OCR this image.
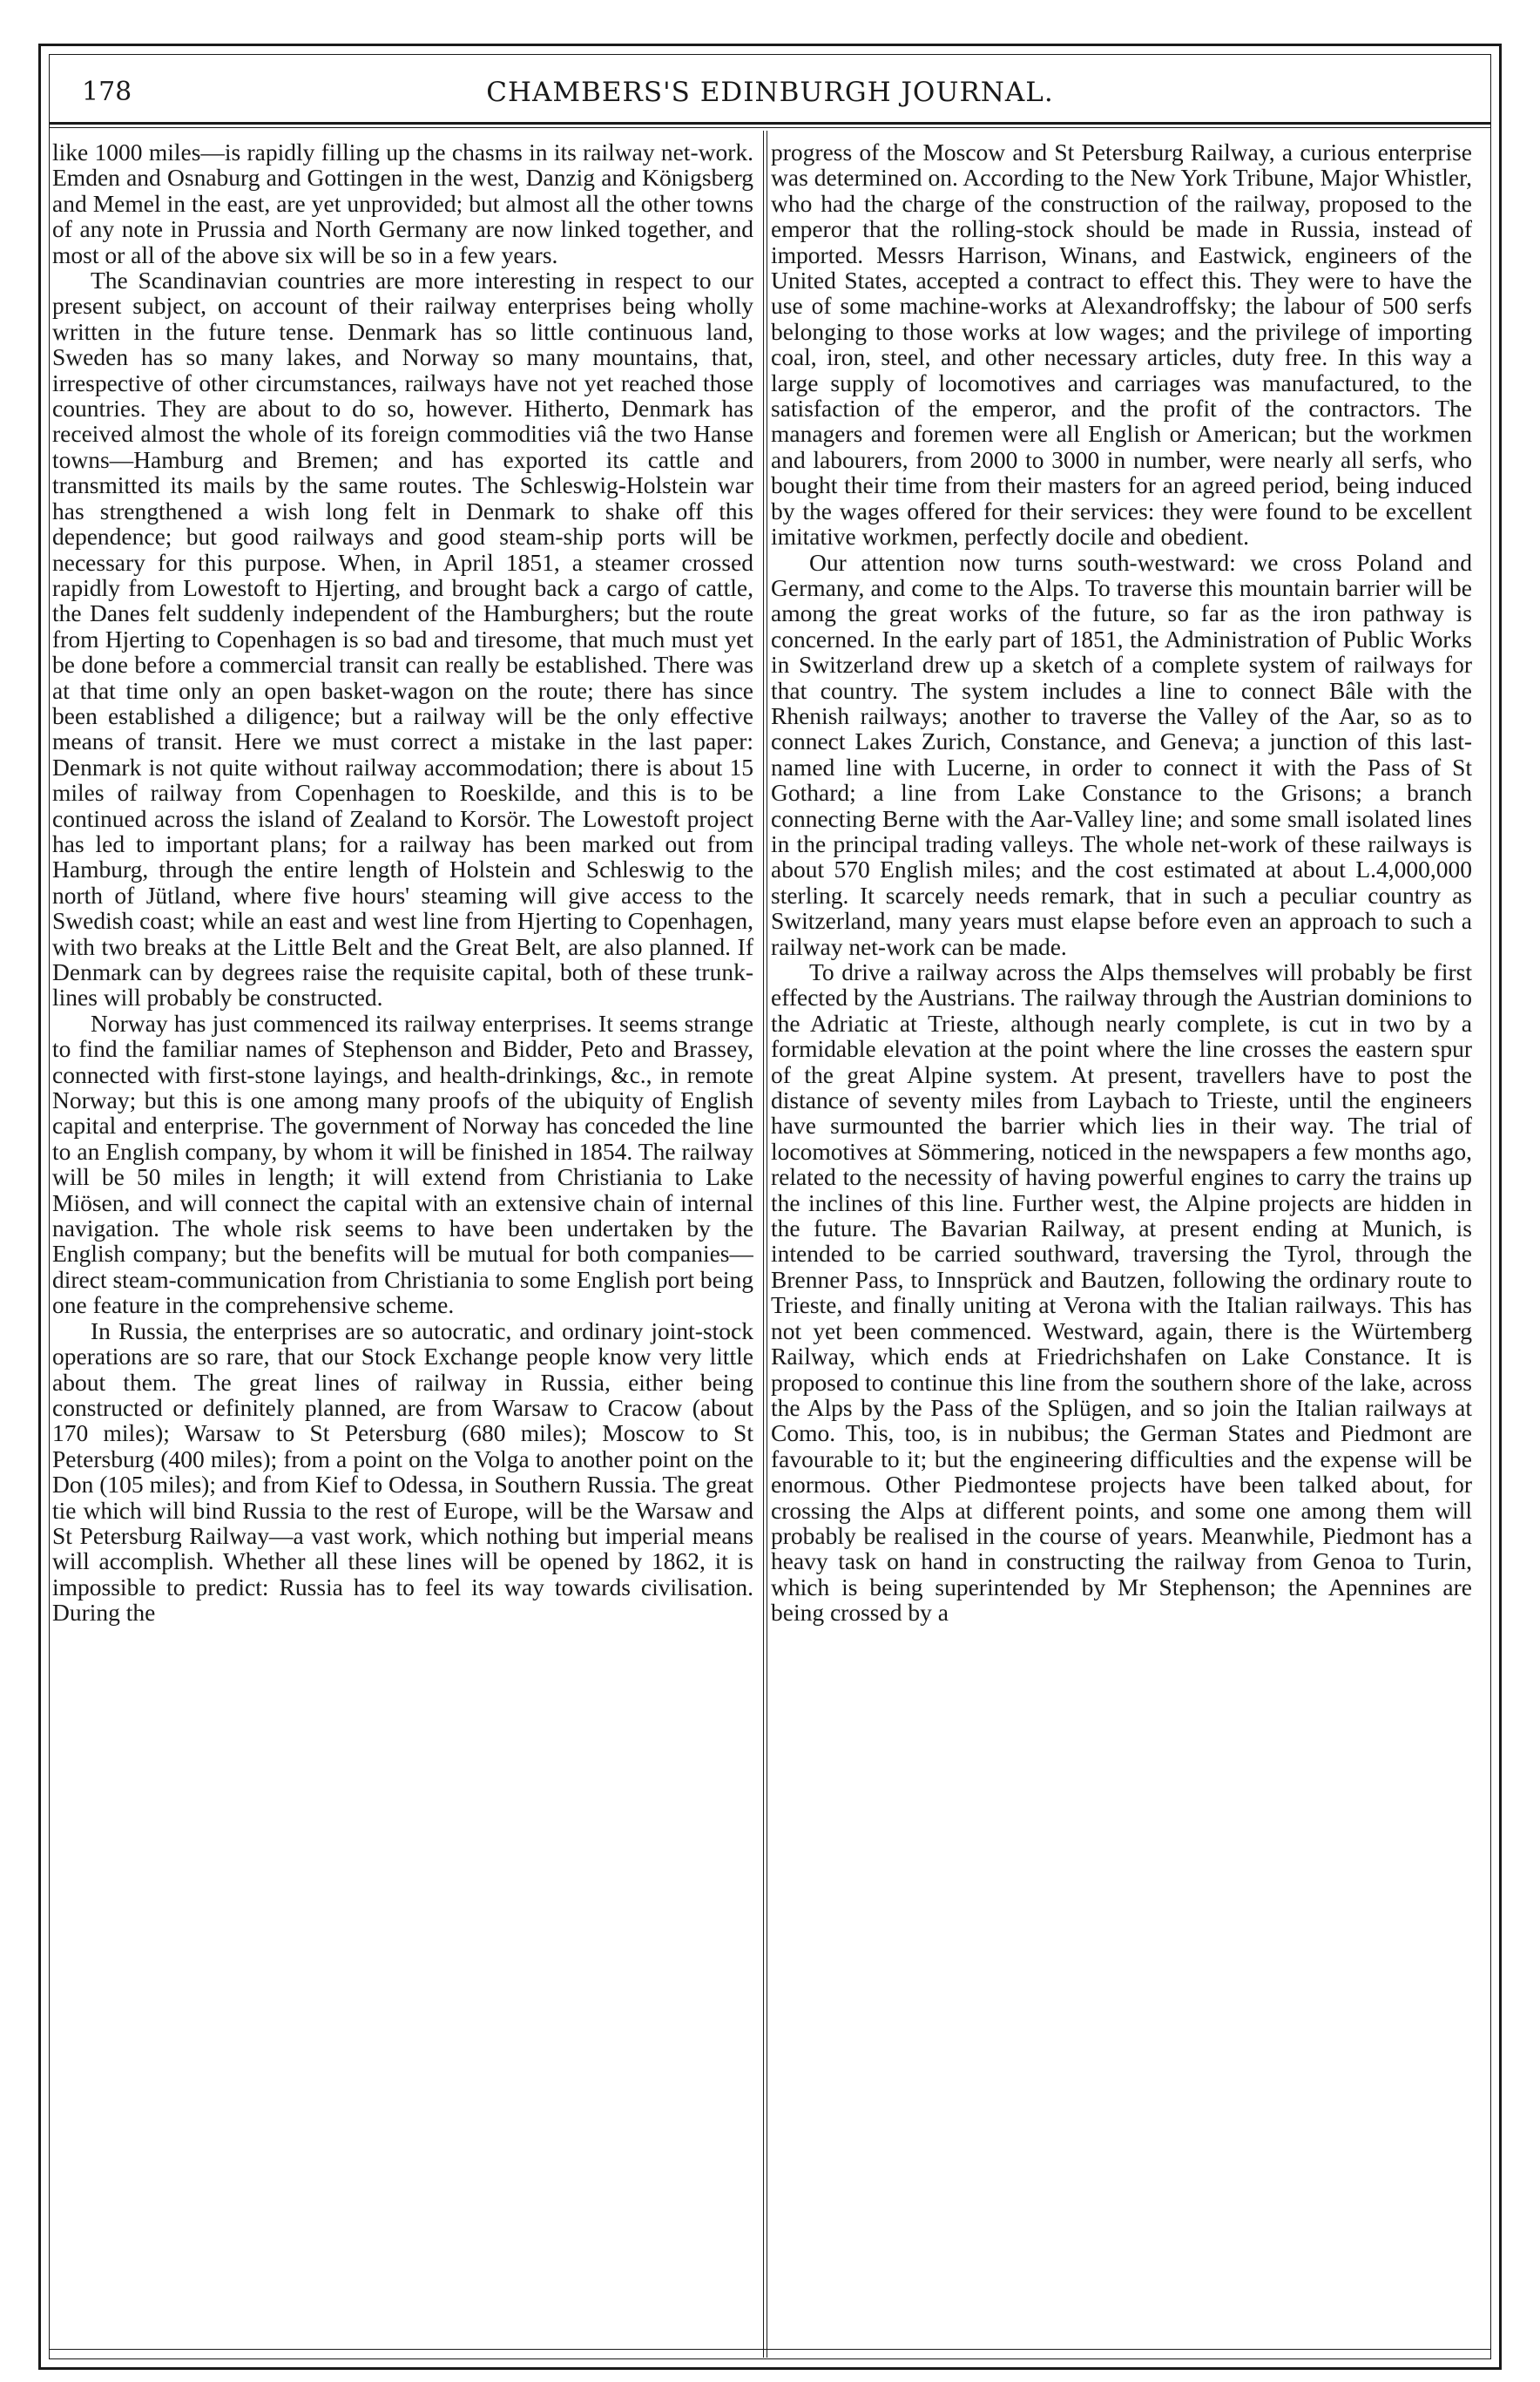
178	CHAMBERS'S EDINBURGH JOURNAL.

like 1000 miles—is rapidly filling up the chasms in its railway net-work. Emden and Osnaburg and Gottingen in the west, Danzig and Königsberg and Memel in the east, are yet unprovided; but almost all the other towns of any note in Prussia and North Germany are now linked together, and most or all of the above six will be so in a few years.

The Scandinavian countries are more interesting in respect to our present subject, on account of their railway enterprises being wholly written in the future tense. Denmark has so little continuous land, Sweden has so many lakes, and Norway so many mountains, that, irrespective of other circumstances, railways have not yet reached those countries. They are about to do so, however. Hitherto, Denmark has received almost the whole of its foreign commodities viâ the two Hanse towns—Hamburg and Bremen; and has exported its cattle and transmitted its mails by the same routes. The Schleswig-Holstein war has strengthened a wish long felt in Denmark to shake off this dependence; but good railways and good steam-ship ports will be necessary for this purpose. When, in April 1851, a steamer crossed rapidly from Lowestoft to Hjerting, and brought back a cargo of cattle, the Danes felt suddenly independent of the Hamburghers; but the route from Hjerting to Copenhagen is so bad and tiresome, that much must yet be done before a commercial transit can really be established. There was at that time only an open basket-wagon on the route; there has since been established a diligence; but a railway will be the only effective means of transit. Here we must correct a mistake in the last paper: Denmark is not quite without railway accommodation; there is about 15 miles of railway from Copenhagen to Roeskilde, and this is to be continued across the island of Zealand to Korsör. The Lowestoft project has led to important plans; for a railway has been marked out from Hamburg, through the entire length of Holstein and Schleswig to the north of Jütland, where five hours' steaming will give access to the Swedish coast; while an east and west line from Hjerting to Copenhagen, with two breaks at the Little Belt and the Great Belt, are also planned. If Denmark can by degrees raise the requisite capital, both of these trunk-lines will probably be constructed.

Norway has just commenced its railway enterprises. It seems strange to find the familiar names of Stephenson and Bidder, Peto and Brassey, connected with first-stone layings, and health-drinkings, &c., in remote Norway; but this is one among many proofs of the ubiquity of English capital and enterprise. The government of Norway has conceded the line to an English company, by whom it will be finished in 1854. The railway will be 50 miles in length; it will extend from Christiania to Lake Miösen, and will connect the capital with an extensive chain of internal navigation. The whole risk seems to have been undertaken by the English company; but the benefits will be mutual for both companies—direct steam-communication from Christiania to some English port being one feature in the comprehensive scheme.

In Russia, the enterprises are so autocratic, and ordinary joint-stock operations are so rare, that our Stock Exchange people know very little about them. The great lines of railway in Russia, either being constructed or definitely planned, are from Warsaw to Cracow (about 170 miles); Warsaw to St Petersburg (680 miles); Moscow to St Petersburg (400 miles); from a point on the Volga to another point on the Don (105 miles); and from Kief to Odessa, in Southern Russia. The great tie which will bind Russia to the rest of Europe, will be the Warsaw and St Petersburg Railway—a vast work, which nothing but imperial means will accomplish. Whether all these lines will be opened by 1862, it is impossible to predict: Russia has to feel its way towards civilisation. During the

progress of the Moscow and St Petersburg Railway, a curious enterprise was determined on. According to the New York Tribune, Major Whistler, who had the charge of the construction of the railway, proposed to the emperor that the rolling-stock should be made in Russia, instead of imported. Messrs Harrison, Winans, and Eastwick, engineers of the United States, accepted a contract to effect this. They were to have the use of some machine-works at Alexandroffsky; the labour of 500 serfs belonging to those works at low wages; and the privilege of importing coal, iron, steel, and other necessary articles, duty free. In this way a large supply of locomotives and carriages was manufactured, to the satisfaction of the emperor, and the profit of the contractors. The managers and foremen were all English or American; but the workmen and labourers, from 2000 to 3000 in number, were nearly all serfs, who bought their time from their masters for an agreed period, being induced by the wages offered for their services: they were found to be excellent imitative workmen, perfectly docile and obedient.

Our attention now turns south-westward: we cross Poland and Germany, and come to the Alps. To traverse this mountain barrier will be among the great works of the future, so far as the iron pathway is concerned. In the early part of 1851, the Administration of Public Works in Switzerland drew up a sketch of a complete system of railways for that country. The system includes a line to connect Bâle with the Rhenish railways; another to traverse the Valley of the Aar, so as to connect Lakes Zurich, Constance, and Geneva; a junction of this last-named line with Lucerne, in order to connect it with the Pass of St Gothard; a line from Lake Constance to the Grisons; a branch connecting Berne with the Aar-Valley line; and some small isolated lines in the principal trading valleys. The whole net-work of these railways is about 570 English miles; and the cost estimated at about L.4,000,000 sterling. It scarcely needs remark, that in such a peculiar country as Switzerland, many years must elapse before even an approach to such a railway net-work can be made.

To drive a railway across the Alps themselves will probably be first effected by the Austrians. The railway through the Austrian dominions to the Adriatic at Trieste, although nearly complete, is cut in two by a formidable elevation at the point where the line crosses the eastern spur of the great Alpine system. At present, travellers have to post the distance of seventy miles from Laybach to Trieste, until the engineers have surmounted the barrier which lies in their way. The trial of locomotives at Sömmering, noticed in the newspapers a few months ago, related to the necessity of having powerful engines to carry the trains up the inclines of this line. Further west, the Alpine projects are hidden in the future. The Bavarian Railway, at present ending at Munich, is intended to be carried southward, traversing the Tyrol, through the Brenner Pass, to Innsprück and Bautzen, following the ordinary route to Trieste, and finally uniting at Verona with the Italian railways. This has not yet been commenced. Westward, again, there is the Würtemberg Railway, which ends at Friedrichshafen on Lake Constance. It is proposed to continue this line from the southern shore of the lake, across the Alps by the Pass of the Splügen, and so join the Italian railways at Como. This, too, is in nubibus; the German States and Piedmont are favourable to it; but the engineering difficulties and the expense will be enormous. Other Piedmontese projects have been talked about, for crossing the Alps at different points, and some one among them will probably be realised in the course of years. Meanwhile, Piedmont has a heavy task on hand in constructing the railway from Genoa to Turin, which is being superintended by Mr Stephenson; the Apennines are being crossed by a
